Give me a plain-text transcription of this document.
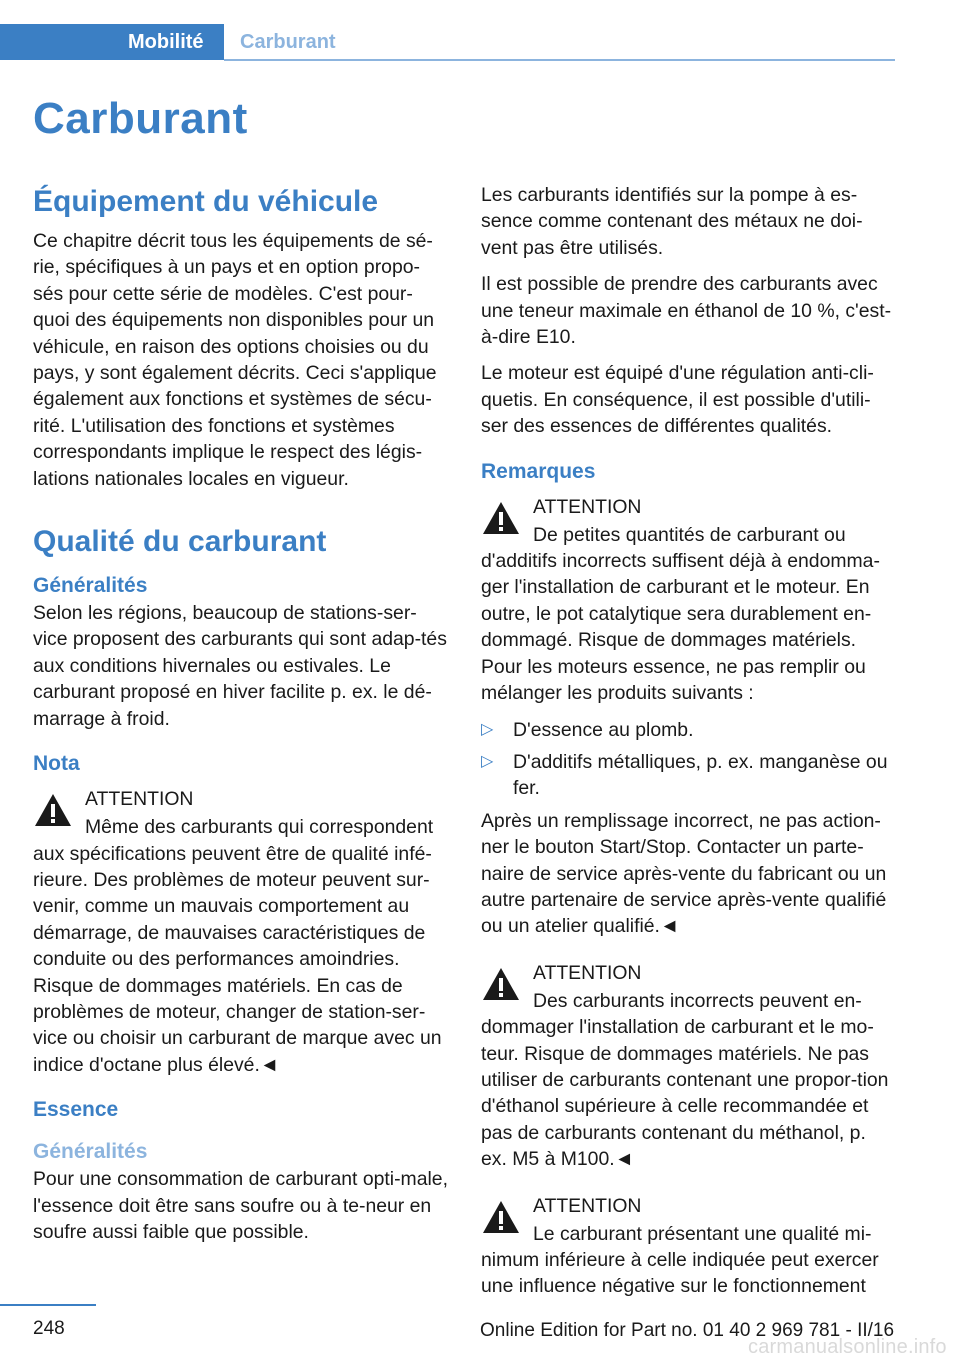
Mobilité	Carburant
Carburant
Équipement du véhicule

Ce chapitre décrit tous les équipements de sé‐rie, spécifiques à un pays et en option propo‐sés pour cette série de modèles. C'est pour‐quoi des équipements non disponibles pour un véhicule, en raison des options choisies ou du pays, y sont également décrits. Ceci s'applique également aux fonctions et systèmes de sécu‐rité. L'utilisation des fonctions et systèmes correspondants implique le respect des légis‐lations nationales locales en vigueur.

Qualité du carburant
Généralités

Selon les régions, beaucoup de stations-ser‐vice proposent des carburants qui sont adap‐tés aux conditions hivernales ou estivales. Le carburant proposé en hiver facilite p. ex. le dé‐marrage à froid.

Nota
ATTENTION
Même des carburants qui correspondent
aux spécifications peuvent être de qualité infé‐rieure. Des problèmes de moteur peuvent sur‐venir, comme un mauvais comportement au démarrage, de mauvaises caractéristiques de conduite ou des performances amoindries. Risque de dommages matériels. En cas de problèmes de moteur, changer de station-ser‐vice ou choisir un carburant de marque avec un indice d'octane plus élevé.◄
Essence
Généralités

Pour une consommation de carburant opti‐male, l'essence doit être sans soufre ou à te‐neur en soufre aussi faible que possible.

Les carburants identifiés sur la pompe à es‐sence comme contenant des métaux ne doi‐vent pas être utilisés.

Il est possible de prendre des carburants avec une teneur maximale en éthanol de 10 %, c'est-à-dire E10.

Le moteur est équipé d'une régulation anti-cli‐quetis. En conséquence, il est possible d'utili‐ser des essences de différentes qualités.

Remarques
ATTENTION
De petites quantités de carburant ou
d'additifs incorrects suffisent déjà à endomma‐ger l'installation de carburant et le moteur. En outre, le pot catalytique sera durablement en‐dommagé. Risque de dommages matériels. Pour les moteurs essence, ne pas remplir ou mélanger les produits suivants :
▷ D'essence au plomb.
▷ D'additifs métalliques, p. ex. manganèse ou fer.

Après un remplissage incorrect, ne pas action‐ner le bouton Start/Stop. Contacter un parte‐naire de service après-vente du fabricant ou un autre partenaire de service après-vente qualifié ou un atelier qualifié.◄

ATTENTION
Des carburants incorrects peuvent en‐
dommager l'installation de carburant et le mo‐teur. Risque de dommages matériels. Ne pas utiliser de carburants contenant une propor‐tion d'éthanol supérieure à celle recommandée et pas de carburants contenant du méthanol, p. ex. M5 à M100.◄
ATTENTION
Le carburant présentant une qualité mi‐
nimum inférieure à celle indiquée peut exercer une influence négative sur le fonctionnement
248	Online Edition for Part no. 01 40 2 969 781 - II/16
carmanualsonline.info
